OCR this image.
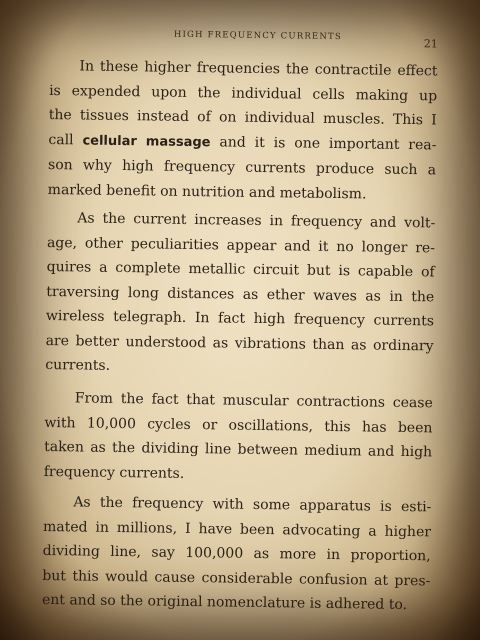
HIGH FREQUENCY CURRENTS
21

In these higher frequencies the contractile effect
is expended upon the individual cells making up
the tissues instead of on individual muscles. This I
call cellular massage and it is one important rea-
son why high frequency currents produce such a
marked benefit on nutrition and metabolism.

As the current increases in frequency and volt-
age, other peculiarities appear and it no longer re-
quires a complete metallic circuit but is capable of
traversing long distances as ether waves as in the
wireless telegraph. In fact high frequency currents
are better understood as vibrations than as ordinary
currents.

From the fact that muscular contractions cease
with 10,000 cycles or oscillations, this has been
taken as the dividing line between medium and high
frequency currents.

As the frequency with some apparatus is esti-
mated in millions, I have been advocating a higher
dividing line, say 100,000 as more in proportion,
but this would cause considerable confusion at pres-
ent and so the original nomenclature is adhered to.
